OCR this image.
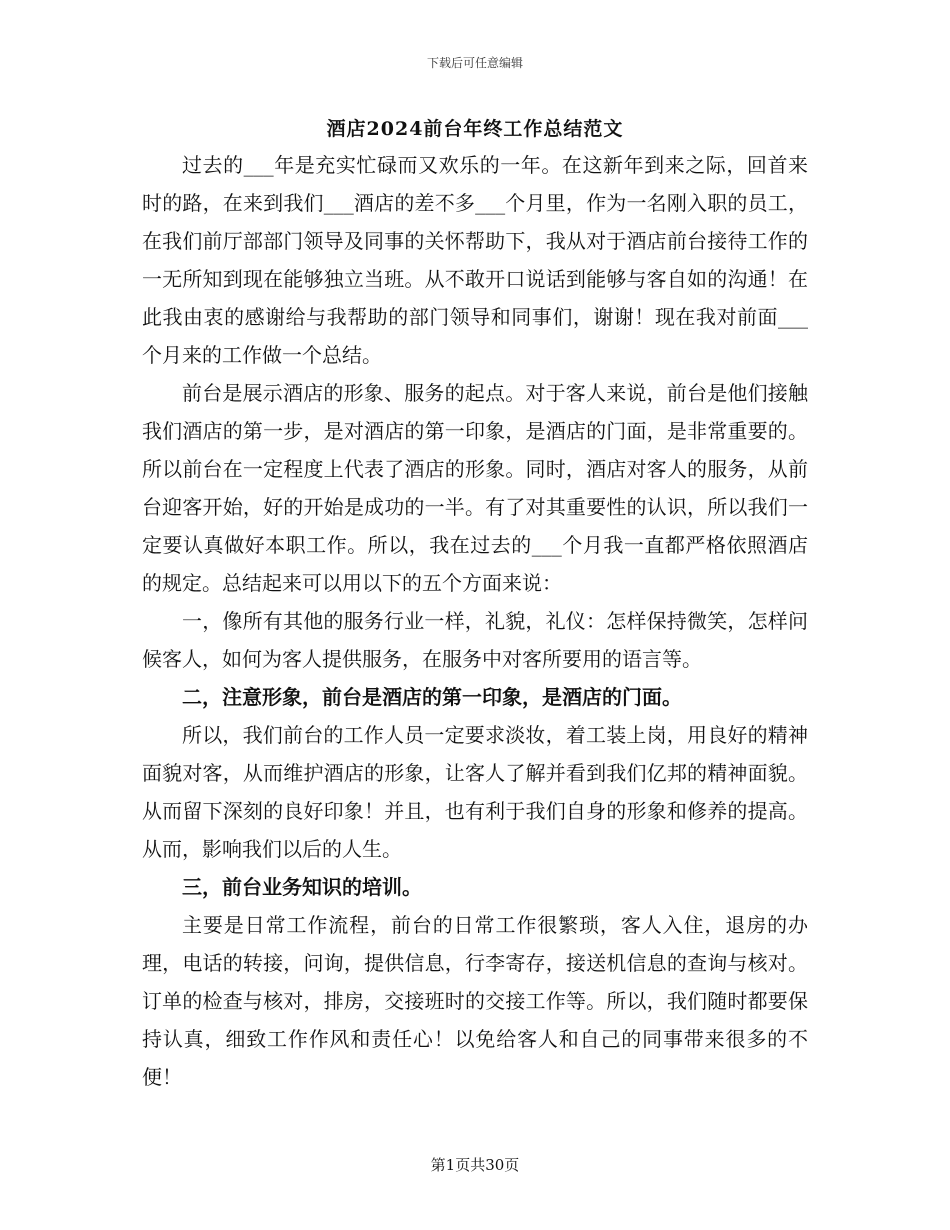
下载后可任意编辑
酒店2024前台年终工作总结范文

过去的___年是充实忙碌而又欢乐的一年。在这新年到来之际，回首来时的路，在来到我们___酒店的差不多___个月里，作为一名刚入职的员工，在我们前厅部部门领导及同事的关怀帮助下，我从对于酒店前台接待工作的一无所知到现在能够独立当班。从不敢开口说话到能够与客自如的沟通！在此我由衷的感谢给与我帮助的部门领导和同事们，谢谢！现在我对前面___个月来的工作做一个总结。

前台是展示酒店的形象、服务的起点。对于客人来说，前台是他们接触我们酒店的第一步，是对酒店的第一印象，是酒店的门面，是非常重要的。所以前台在一定程度上代表了酒店的形象。同时，酒店对客人的服务，从前台迎客开始，好的开始是成功的一半。有了对其重要性的认识，所以我们一定要认真做好本职工作。所以，我在过去的___个月我一直都严格依照酒店的规定。总结起来可以用以下的五个方面来说：

一，像所有其他的服务行业一样，礼貌，礼仪：怎样保持微笑，怎样问候客人，如何为客人提供服务，在服务中对客所要用的语言等。

二，注意形象，前台是酒店的第一印象，是酒店的门面。

所以，我们前台的工作人员一定要求淡妆，着工装上岗，用良好的精神面貌对客，从而维护酒店的形象，让客人了解并看到我们亿邦的精神面貌。从而留下深刻的良好印象！并且，也有利于我们自身的形象和修养的提高。从而，影响我们以后的人生。

三，前台业务知识的培训。

主要是日常工作流程，前台的日常工作很繁琐，客人入住，退房的办理，电话的转接，问询，提供信息，行李寄存，接送机信息的查询与核对。订单的检查与核对，排房，交接班时的交接工作等。所以，我们随时都要保持认真，细致工作作风和责任心！以免给客人和自己的同事带来很多的不便！

第1页共30页
